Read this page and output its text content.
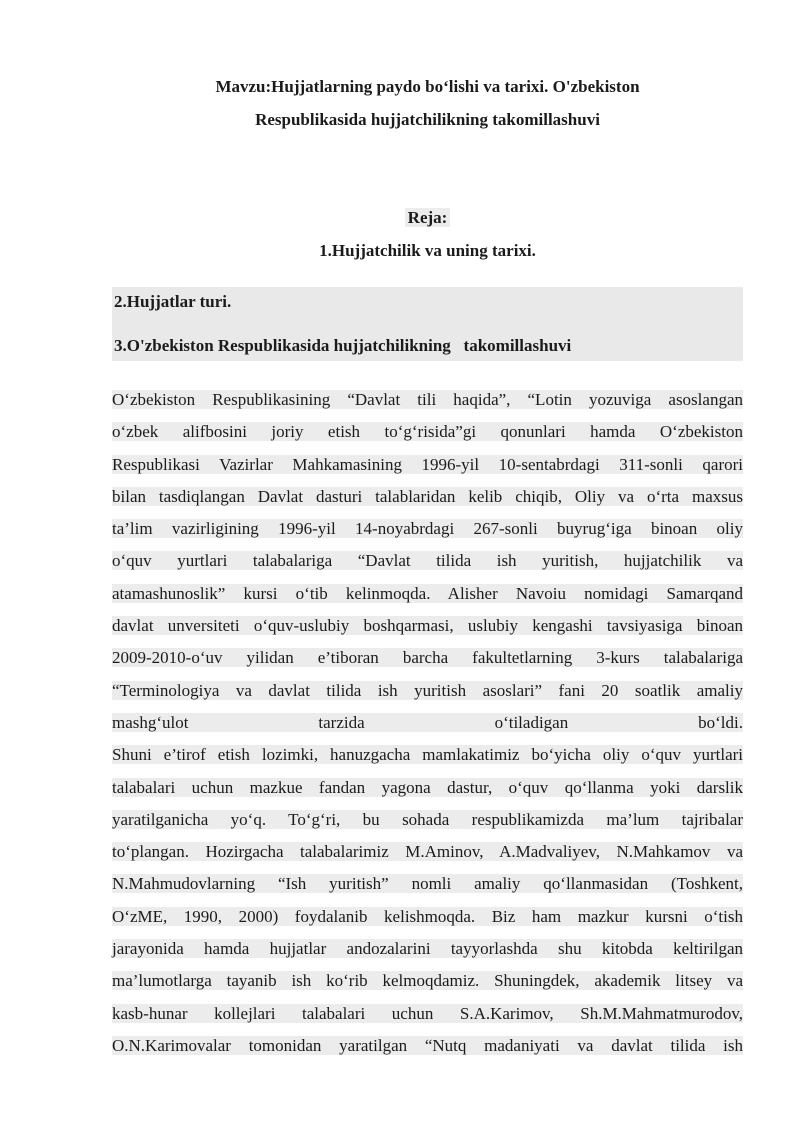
Mavzu:Hujjatlarning paydo bo‘lishi va tarixi. O'zbekiston
Respublikasida hujjatchilikning takomillashuvi
Reja:
1.Hujjatchilik va uning tarixi.
2.Hujjatlar turi.
3.O'zbekiston Respublikasida hujjatchilikning   takomillashuvi
O‘zbekiston Respublikasining “Davlat tili haqida”, “Lotin yozuviga asoslangan
o‘zbek alifbosini joriy etish to‘g‘risida”gi qonunlari hamda O‘zbekiston
Respublikasi Vazirlar Mahkamasining 1996-yil 10-sentabrdagi 311-sonli qarori
bilan tasdiqlangan Davlat dasturi talablaridan kelib chiqib, Oliy va o‘rta maxsus
ta’lim vazirligining 1996-yil 14-noyabrdagi 267-sonli buyrug‘iga binoan oliy
o‘quv yurtlari talabalariga “Davlat tilida ish yuritish, hujjatchilik va
atamashunoslik” kursi o‘tib kelinmoqda. Alisher Navoiu nomidagi Samarqand
davlat unversiteti o‘quv-uslubiy boshqarmasi, uslubiy kengashi tavsiyasiga binoan
2009-2010-o‘uv yilidan e’tiboran barcha fakultetlarning 3-kurs talabalariga
“Terminologiya va davlat tilida ish yuritish asoslari” fani 20 soatlik amaliy
mashg‘ulot tarzida o‘tiladigan bo‘ldi.
Shuni e’tirof etish lozimki, hanuzgacha mamlakatimiz bo‘yicha oliy o‘quv yurtlari
talabalari uchun mazkue fandan yagona dastur, o‘quv qo‘llanma yoki darslik
yaratilganicha yo‘q. To‘g‘ri, bu sohada respublikamizda ma’lum tajribalar
to‘plangan. Hozirgacha talabalarimiz M.Aminov, A.Madvaliyev, N.Mahkamov va
N.Mahmudovlarning “Ish yuritish” nomli amaliy qo‘llanmasidan (Toshkent,
O‘zME, 1990, 2000) foydalanib kelishmoqda. Biz ham mazkur kursni o‘tish
jarayonida hamda hujjatlar andozalarini tayyorlashda shu kitobda keltirilgan
ma’lumotlarga tayanib ish ko‘rib kelmoqdamiz. Shuningdek, akademik litsey va
kasb-hunar kollejlari talabalari uchun S.A.Karimov, Sh.M.Mahmatmurodov,
O.N.Karimovalar tomonidan yaratilgan “Nutq madaniyati va davlat tilida ish
